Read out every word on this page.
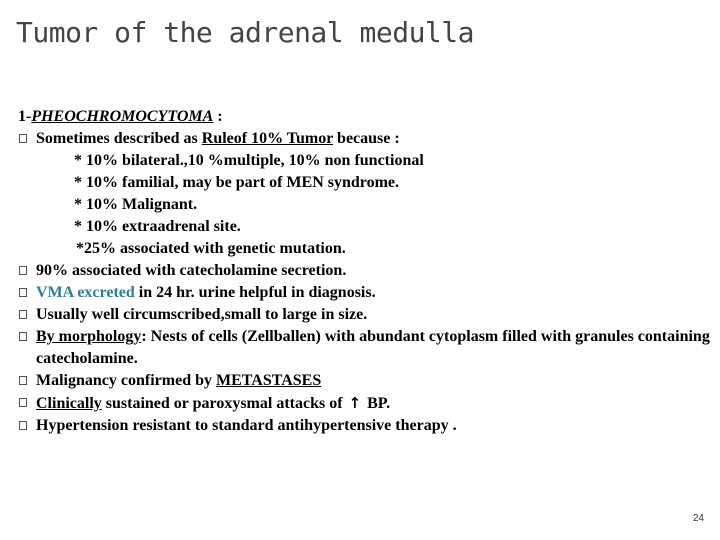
Tumor of the adrenal medulla
1-PHEOCHROMOCYTOMA :
Sometimes described as Ruleof 10% Tumor because :
* 10% bilateral.,10 %multiple, 10% non functional
* 10% familial, may be part of MEN syndrome.
* 10% Malignant.
* 10% extraadrenal site.
*25% associated with genetic mutation.
90% associated with catecholamine secretion.
VMA excreted in 24 hr. urine helpful in diagnosis.
Usually well circumscribed,small to large in size.
By morphology: Nests of cells (Zellballen) with abundant cytoplasm filled with granules containing catecholamine.
Malignancy confirmed by METASTASES
Clinically sustained or paroxysmal attacks of ↑ BP.
Hypertension resistant to standard antihypertensive therapy .
24
